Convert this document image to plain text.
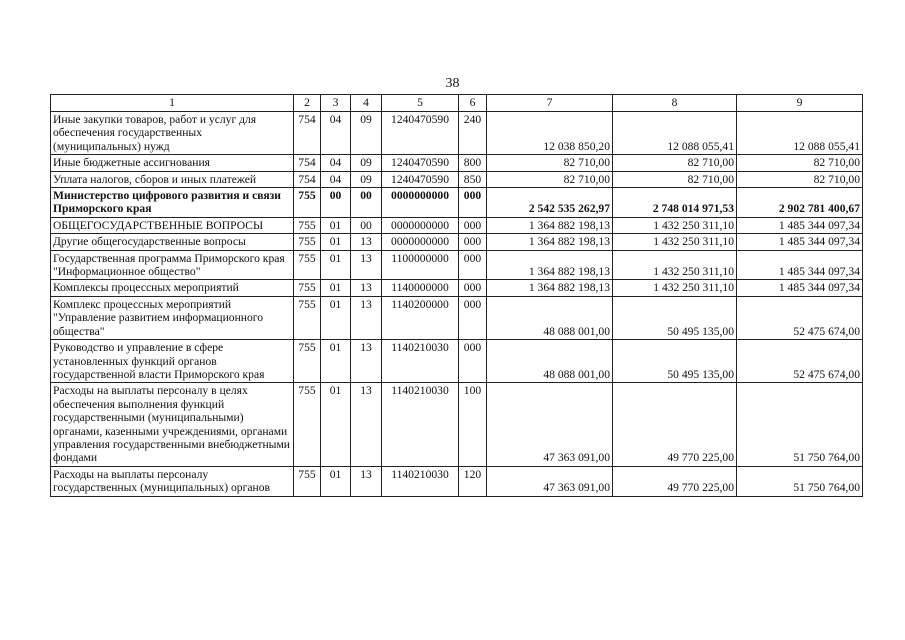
38
1	2	3	4	5	6	7	8	9
Иные закупки товаров, работ и услуг для обеспечения государственных (муниципальных) нужд	754	04	09	1240470590	240	12 038 850,20	12 088 055,41	12 088 055,41
Иные бюджетные ассигнования	754	04	09	1240470590	800	82 710,00	82 710,00	82 710,00
Уплата налогов, сборов и иных платежей	754	04	09	1240470590	850	82 710,00	82 710,00	82 710,00
Министерство цифрового развития и связи Приморского края	755	00	00	0000000000	000	2 542 535 262,97	2 748 014 971,53	2 902 781 400,67
ОБЩЕГОСУДАРСТВЕННЫЕ ВОПРОСЫ	755	01	00	0000000000	000	1 364 882 198,13	1 432 250 311,10	1 485 344 097,34
Другие общегосударственные вопросы	755	01	13	0000000000	000	1 364 882 198,13	1 432 250 311,10	1 485 344 097,34
Государственная программа Приморского края "Информационное общество"	755	01	13	1100000000	000	1 364 882 198,13	1 432 250 311,10	1 485 344 097,34
Комплексы процессных мероприятий	755	01	13	1140000000	000	1 364 882 198,13	1 432 250 311,10	1 485 344 097,34
Комплекс процессных мероприятий "Управление развитием информационного общества"	755	01	13	1140200000	000	48 088 001,00	50 495 135,00	52 475 674,00
Руководство и управление в сфере установленных функций органов государственной власти Приморского края	755	01	13	1140210030	000	48 088 001,00	50 495 135,00	52 475 674,00
Расходы на выплаты персоналу в целях обеспечения выполнения функций государственными (муниципальными) органами, казенными учреждениями, органами управления государственными внебюджетными фондами	755	01	13	1140210030	100	47 363 091,00	49 770 225,00	51 750 764,00
Расходы на выплаты персоналу государственных (муниципальных) органов	755	01	13	1140210030	120	47 363 091,00	49 770 225,00	51 750 764,00
